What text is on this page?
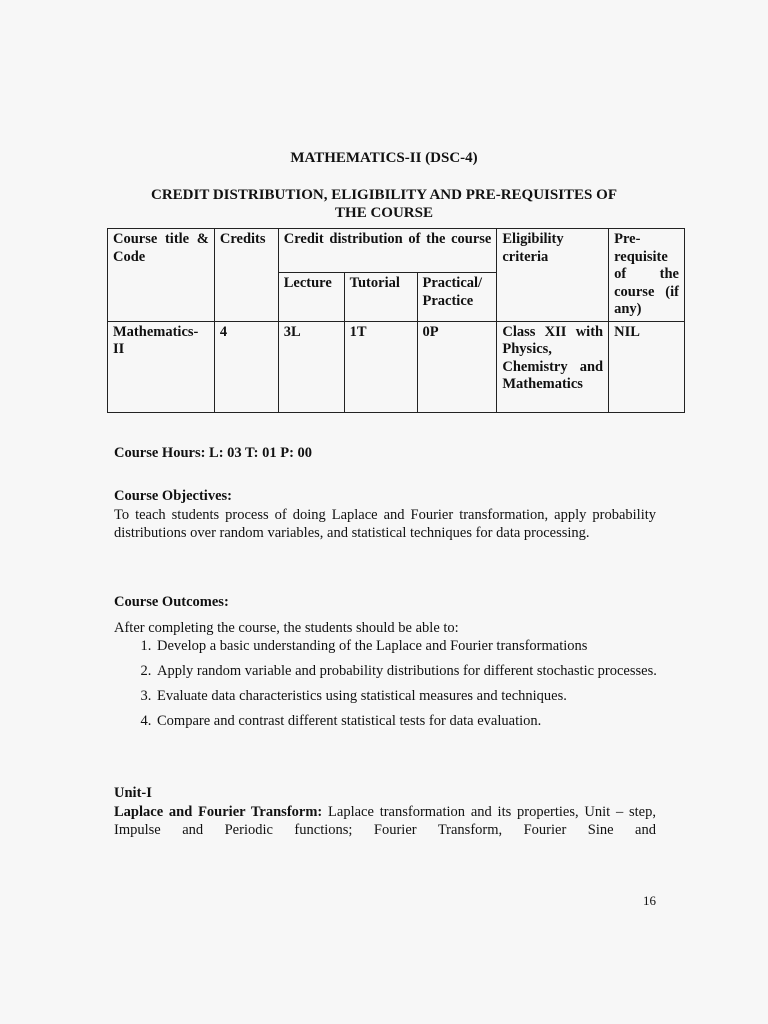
MATHEMATICS-II (DSC-4)
CREDIT DISTRIBUTION, ELIGIBILITY AND PRE-REQUISITES OF
THE COURSE
Course title & Code	Credits	Credit distribution of the course			Eligibility criteria	Pre-requisite of the course (if any)
		Lecture	Tutorial	Practical/ Practice		
Mathematics-II	4	3L	1T	0P	Class XII with Physics, Chemistry and Mathematics	NIL
Course Hours: L: 03 T: 01 P: 00
Course Objectives:
To teach students process of doing Laplace and Fourier transformation, apply probability distributions over random variables, and statistical techniques for data processing.
Course Outcomes:
After completing the course, the students should be able to:
1. Develop a basic understanding of the Laplace and Fourier transformations
2. Apply random variable and probability distributions for different stochastic processes.
3. Evaluate data characteristics using statistical measures and techniques.
4. Compare and contrast different statistical tests for data evaluation.
Unit-I
Laplace and Fourier Transform: Laplace transformation and its properties, Unit – step, Impulse and Periodic functions; Fourier Transform, Fourier Sine and
16
